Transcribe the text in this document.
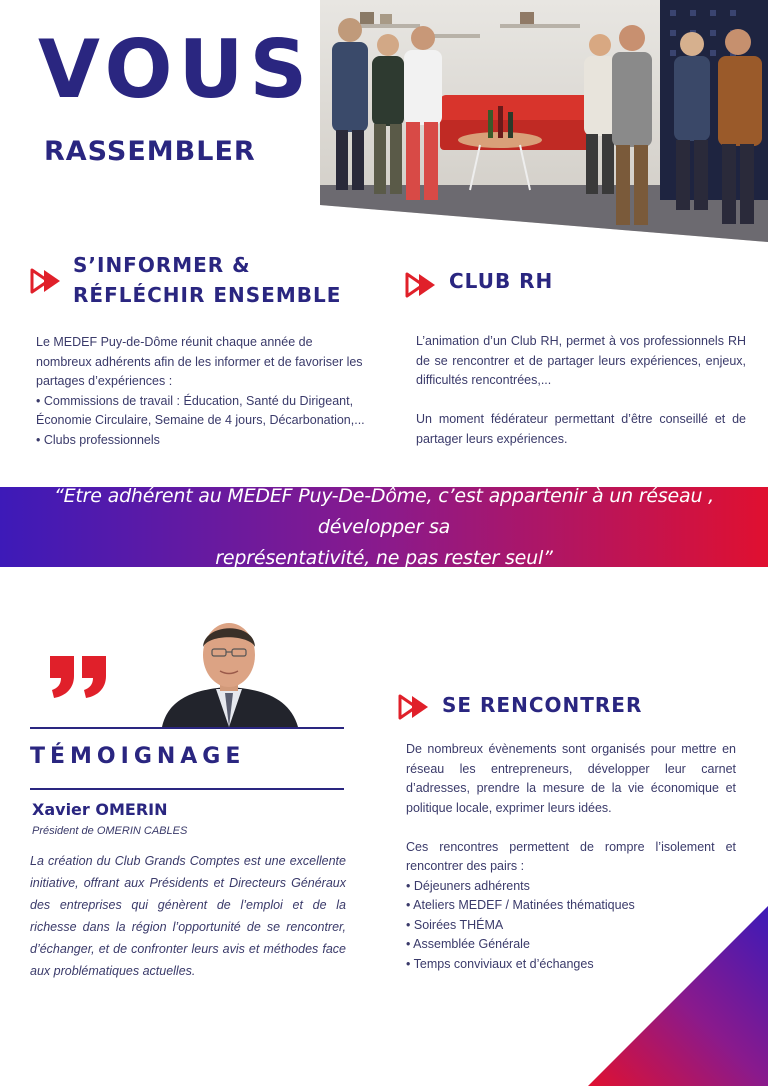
VOUS
RASSEMBLER
S’INFORMER &
RÉFLÉCHIR ENSEMBLE

Le MEDEF Puy-de-Dôme réunit chaque année de nombreux adhérents afin de les informer et de favoriser les partages d’expériences :

• Commissions de travail : Éducation, Santé du Dirigeant, Économie Circulaire, Semaine de 4 jours, Décarbonation,...
• Clubs professionnels
CLUB RH

L’animation d’un Club RH, permet à vos professionnels RH de se rencontrer et de partager leurs expériences, enjeux, difficultés rencontrées,...

Un moment fédérateur permettant d’être conseillé et de partager leurs expériences.

“Etre adhérent au MEDEF Puy-De-Dôme, c’est appartenir à un réseau , développer sa
représentativité, ne pas rester seul”
TÉMOIGNAGE
Xavier OMERIN
Président de OMERIN CABLES
La création du Club Grands Comptes est une excellente initiative, offrant aux Présidents et Directeurs Généraux des entreprises qui génèrent de l’emploi et de la richesse dans la région l’opportunité de se rencontrer, d’échanger, et de confronter leurs avis et méthodes face aux problématiques actuelles.
SE RENCONTRER

De nombreux évènements sont organisés pour mettre en réseau les entrepreneurs, développer leur carnet d’adresses, prendre la mesure de la vie économique et politique locale, exprimer leurs idées.

Ces rencontres permettent de rompre l’isolement et rencontrer des pairs :

• Déjeuners adhérents
• Ateliers MEDEF / Matinées thématiques
• Soirées THÉMA
• Assemblée Générale
• Temps conviviaux et d’échanges
